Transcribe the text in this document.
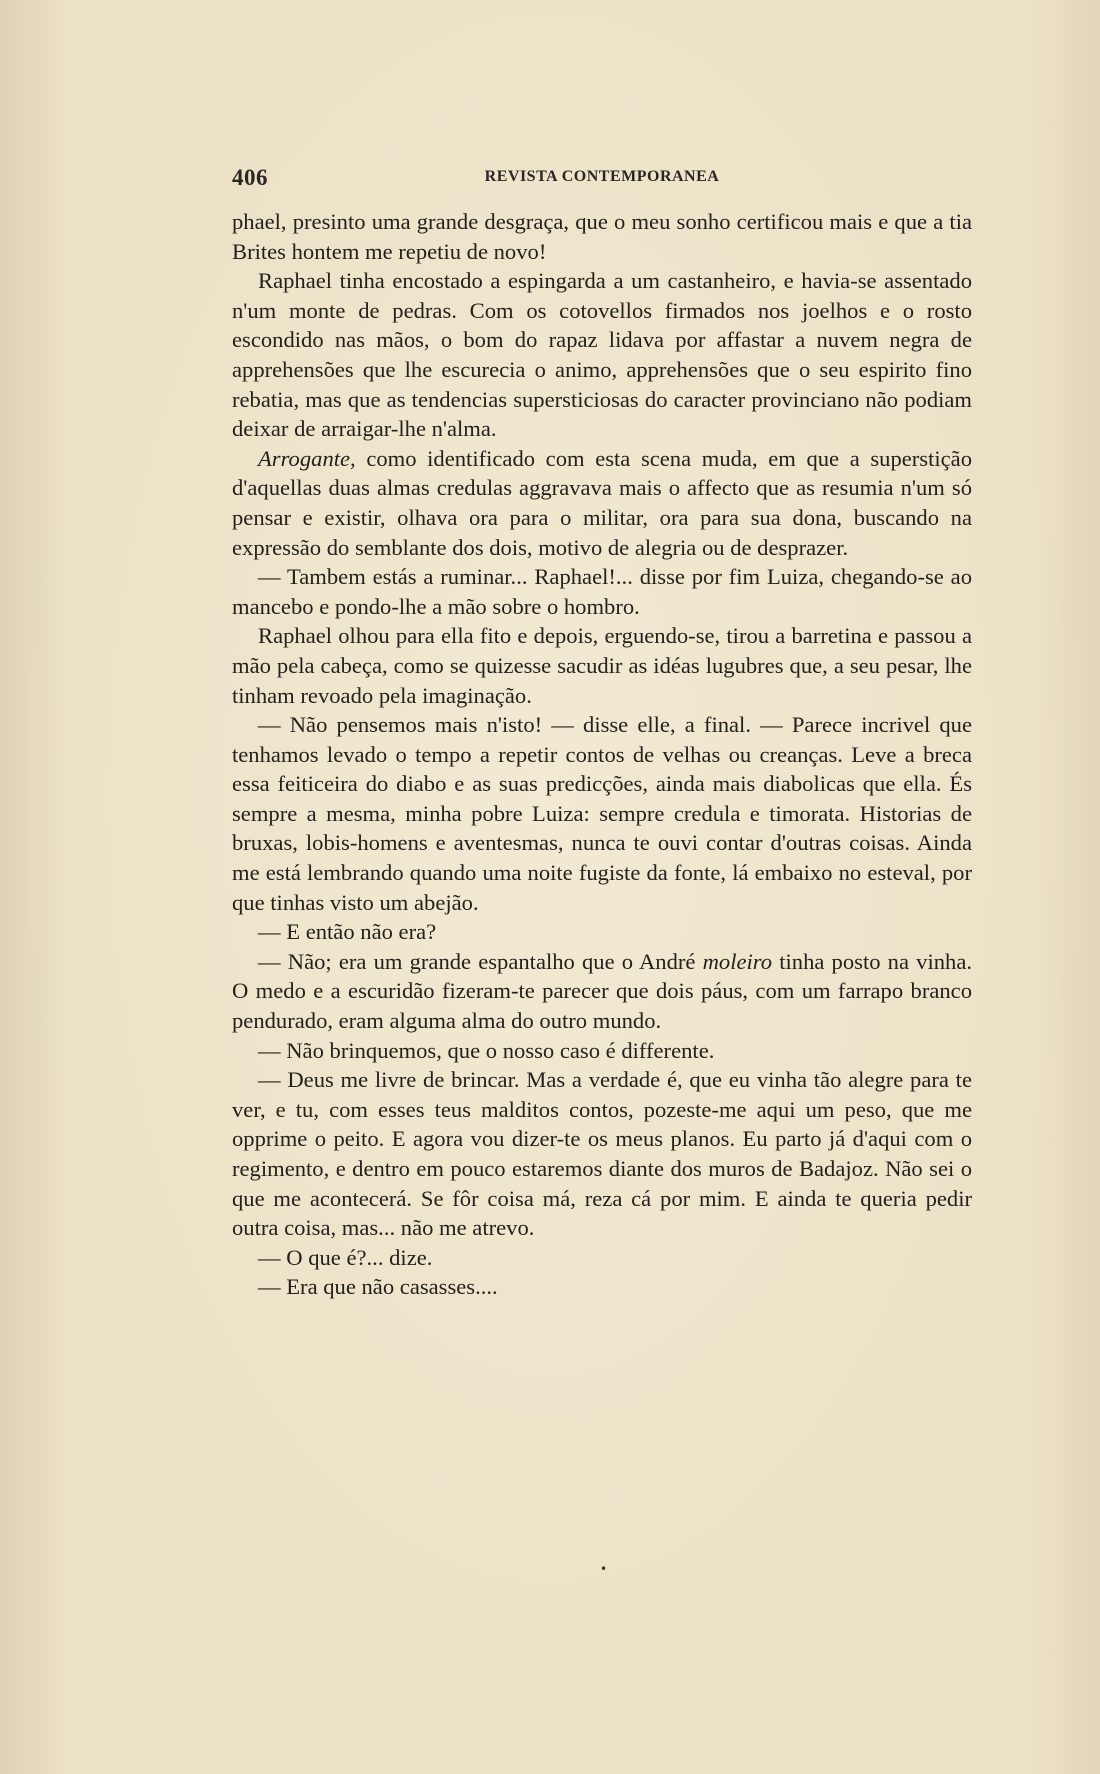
406	REVISTA CONTEMPORANEA

phael, presinto uma grande desgraça, que o meu sonho certificou mais e que a tia Brites hontem me repetiu de novo!

Raphael tinha encostado a espingarda a um castanheiro, e havia-se assentado n'um monte de pedras. Com os cotovellos firmados nos joelhos e o rosto escondido nas mãos, o bom do rapaz lidava por affastar a nuvem negra de apprehensões que lhe escurecia o animo, apprehensões que o seu espirito fino rebatia, mas que as tendencias supersticiosas do caracter provinciano não podiam deixar de arraigar-lhe n'alma.

Arrogante, como identificado com esta scena muda, em que a superstição d'aquellas duas almas credulas aggravava mais o affecto que as resumia n'um só pensar e existir, olhava ora para o militar, ora para sua dona, buscando na expressão do semblante dos dois, motivo de alegria ou de desprazer.

— Tambem estás a ruminar... Raphael!... disse por fim Luiza, chegando-se ao mancebo e pondo-lhe a mão sobre o hombro.

Raphael olhou para ella fito e depois, erguendo-se, tirou a barretina e passou a mão pela cabeça, como se quizesse sacudir as idéas lugubres que, a seu pesar, lhe tinham revoado pela imaginação.

— Não pensemos mais n'isto! — disse elle, a final. — Parece incrivel que tenhamos levado o tempo a repetir contos de velhas ou creanças. Leve a breca essa feiticeira do diabo e as suas predicções, ainda mais diabolicas que ella. És sempre a mesma, minha pobre Luiza: sempre credula e timorata. Historias de bruxas, lobis-homens e aventesmas, nunca te ouvi contar d'outras coisas. Ainda me está lembrando quando uma noite fugiste da fonte, lá embaixo no esteval, por que tinhas visto um abejão.

— E então não era?

— Não; era um grande espantalho que o André moleiro tinha posto na vinha. O medo e a escuridão fizeram-te parecer que dois páus, com um farrapo branco pendurado, eram alguma alma do outro mundo.

— Não brinquemos, que o nosso caso é differente.

— Deus me livre de brincar. Mas a verdade é, que eu vinha tão alegre para te ver, e tu, com esses teus malditos contos, pozeste-me aqui um peso, que me opprime o peito. E agora vou dizer-te os meus planos. Eu parto já d'aqui com o regimento, e dentro em pouco estaremos diante dos muros de Badajoz. Não sei o que me acontecerá. Se fôr coisa má, reza cá por mim. E ainda te queria pedir outra coisa, mas... não me atrevo.

— O que é?... dize.

— Era que não casasses....

•
